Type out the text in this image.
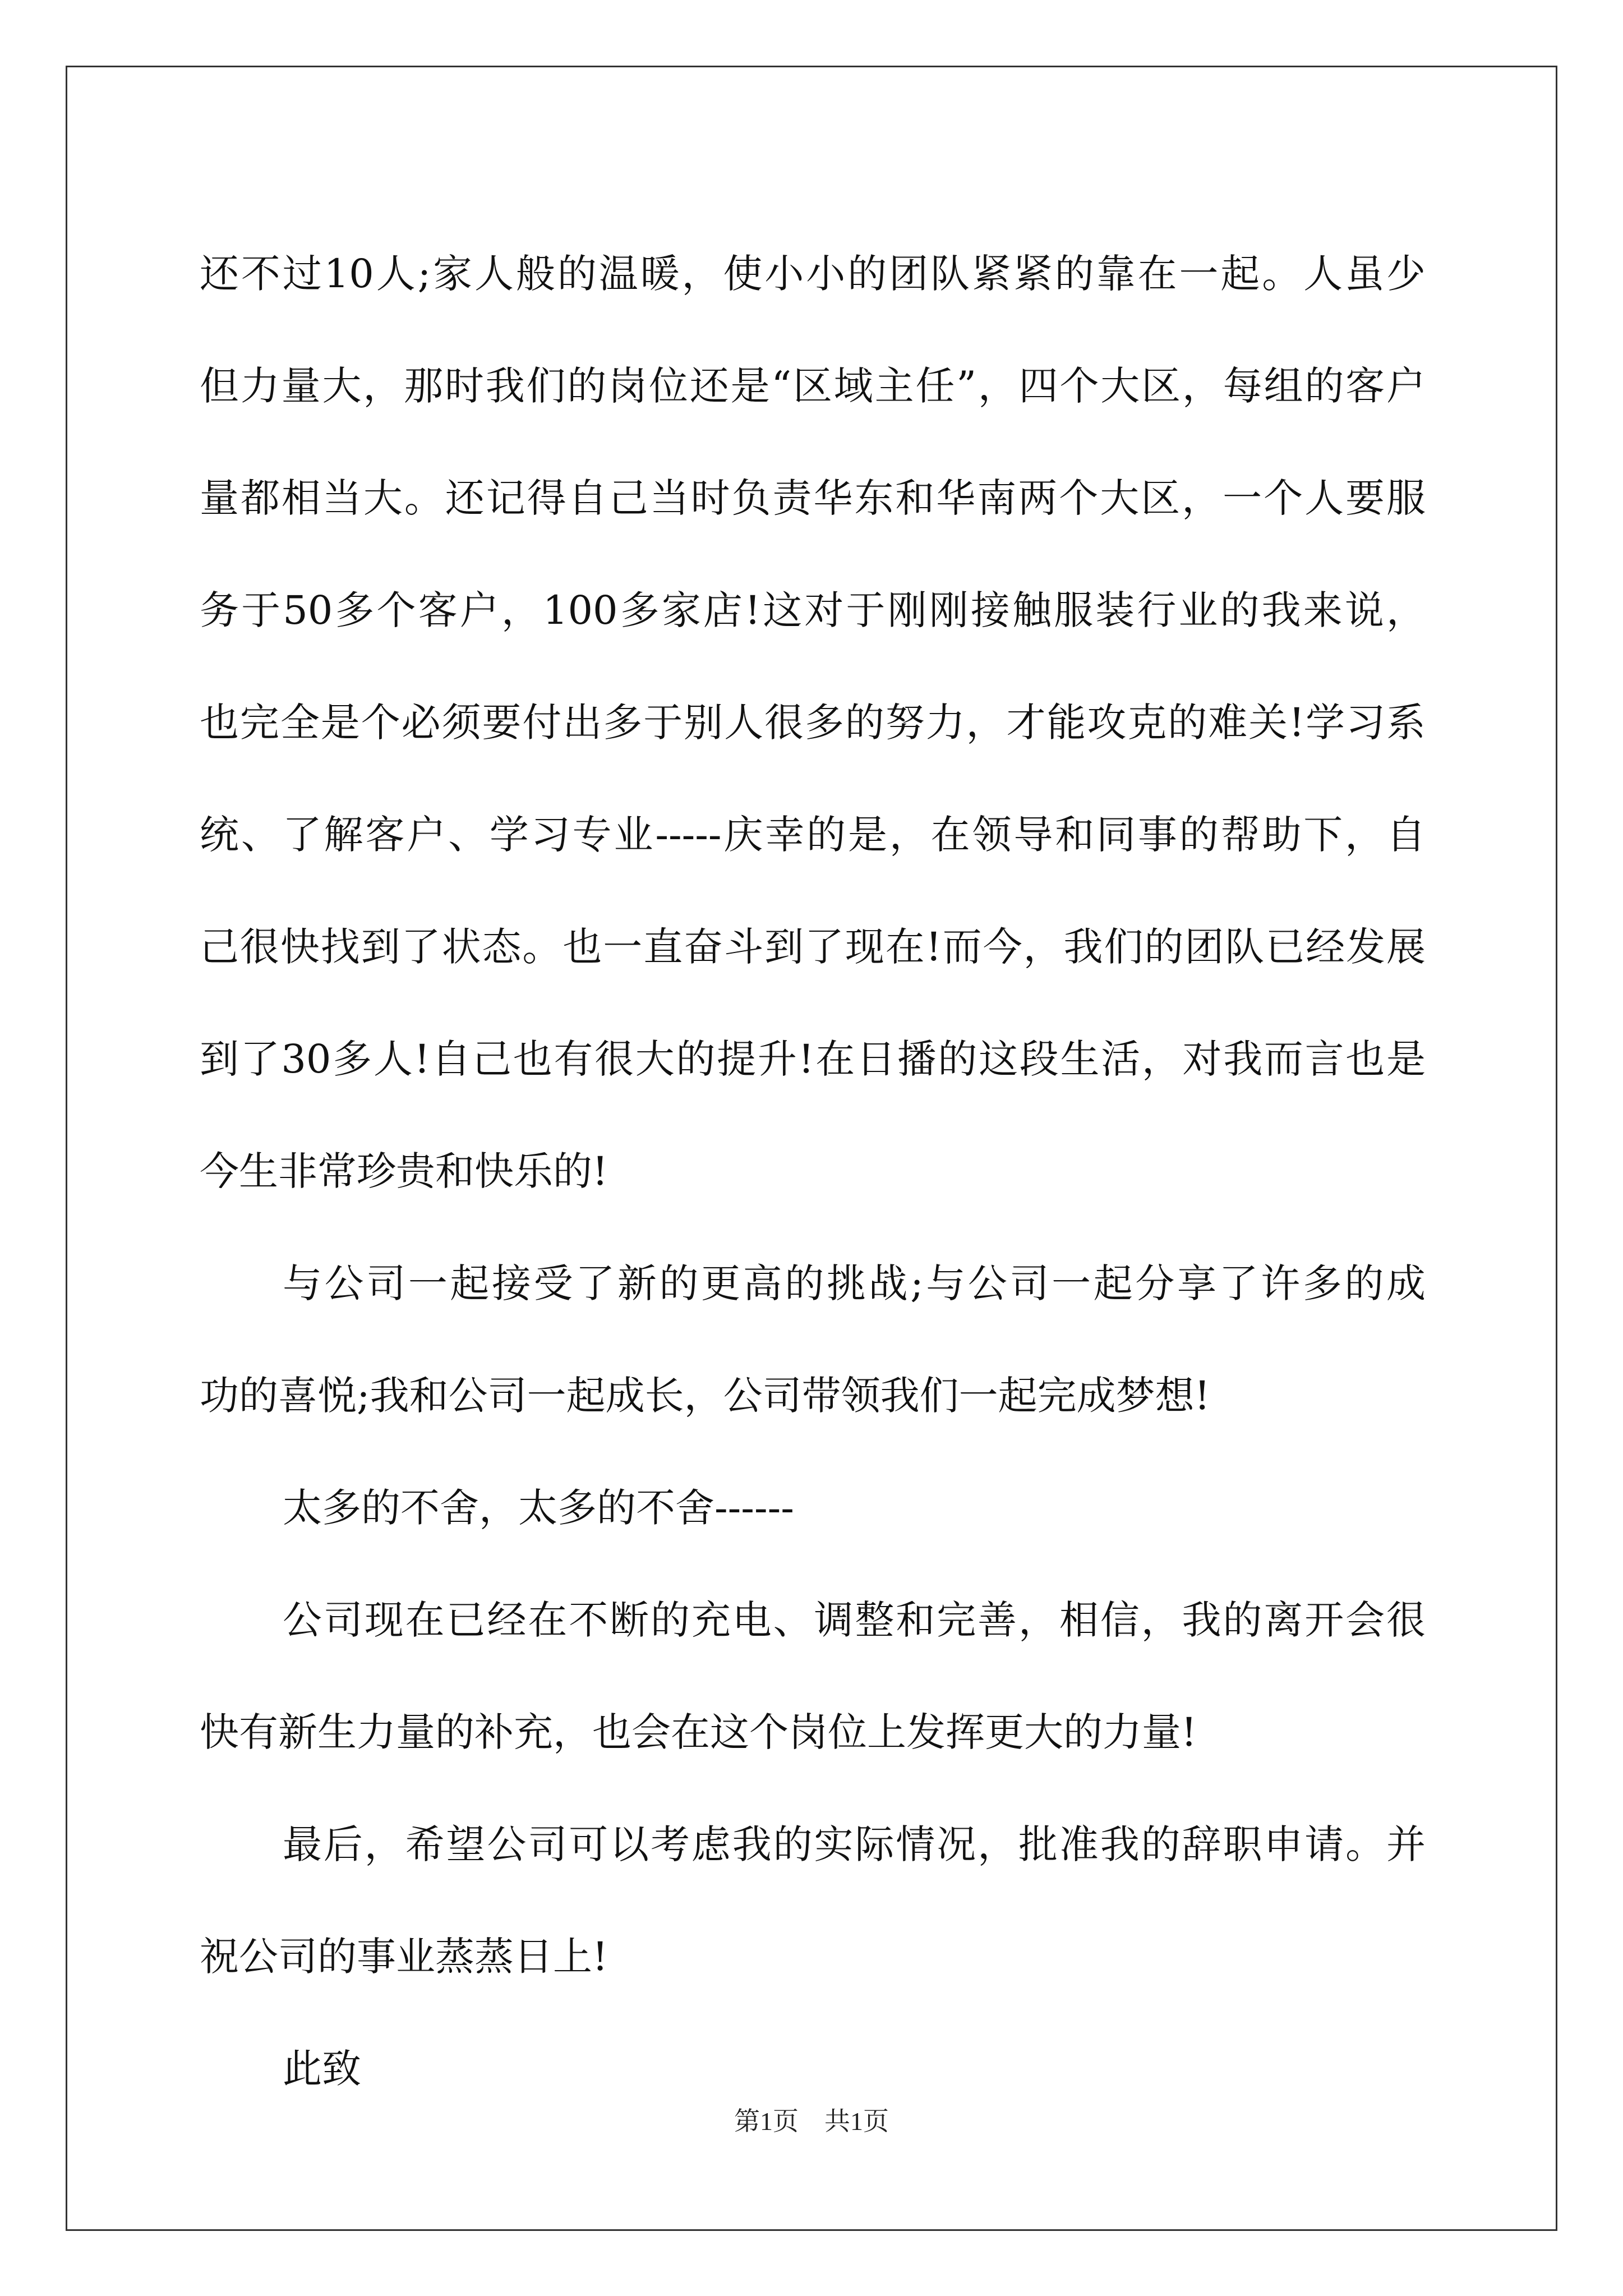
还不过10人;家人般的温暖，使小小的团队紧紧的靠在一起。人虽少
但力量大，那时我们的岗位还是“区域主任”，四个大区，每组的客户
量都相当大。还记得自己当时负责华东和华南两个大区，一个人要服
务于50多个客户，100多家店!这对于刚刚接触服装行业的我来说，
也完全是个必须要付出多于别人很多的努力，才能攻克的难关!学习系
统、了解客户、学习专业-----庆幸的是，在领导和同事的帮助下，自
己很快找到了状态。也一直奋斗到了现在!而今，我们的团队已经发展
到了30多人!自己也有很大的提升!在日播的这段生活，对我而言也是
今生非常珍贵和快乐的!
与公司一起接受了新的更高的挑战;与公司一起分享了许多的成
功的喜悦;我和公司一起成长，公司带领我们一起完成梦想!
太多的不舍，太多的不舍------
公司现在已经在不断的充电、调整和完善，相信，我的离开会很
快有新生力量的补充，也会在这个岗位上发挥更大的力量!
最后，希望公司可以考虑我的实际情况，批准我的辞职申请。并
祝公司的事业蒸蒸日上!
此致
第1页　共1页
